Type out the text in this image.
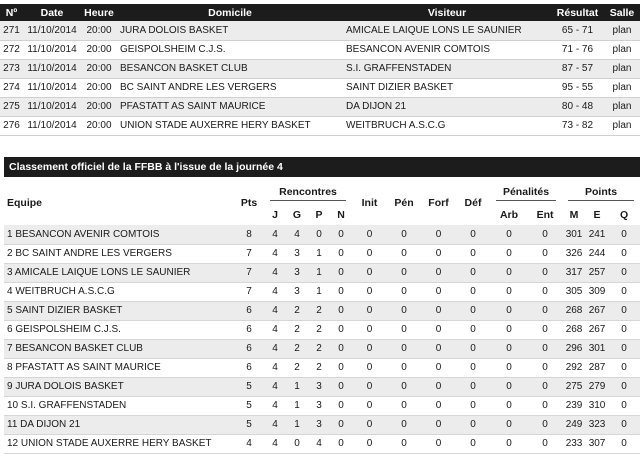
Nº	Date	Heure	Domicile	Visiteur	Résultat	Salle
271	11/10/2014	20:00	JURA DOLOIS BASKET	AMICALE LAIQUE LONS LE SAUNIER	65 - 71	plan
272	11/10/2014	20:00	GEISPOLSHEIM C.J.S.	BESANCON AVENIR COMTOIS	71 - 76	plan
273	11/10/2014	20:00	BESANCON BASKET CLUB	S.I. GRAFFENSTADEN	87 - 57	plan
274	11/10/2014	20:00	BC SAINT ANDRE LES VERGERS	SAINT DIZIER BASKET	95 - 55	plan
275	11/10/2014	20:00	PFASTATT AS SAINT MAURICE	DA DIJON 21	80 - 48	plan
276	11/10/2014	20:00	UNION STADE AUXERRE HERY BASKET	WEITBRUCH A.S.C.G	73 - 82	plan
Classement officiel de la FFBB à l'issue de la journée 4
Equipe	Pts	Rencontres				Init	Pén	Forf	Déf	Pénalités		Points		

		J	G	P	N					Arb	Ent	M	E	Q
1 BESANCON AVENIR COMTOIS	8	4	4	0	0	0	0	0	0	0	0	301	241	0
2 BC SAINT ANDRE LES VERGERS	7	4	3	1	0	0	0	0	0	0	0	326	244	0
3 AMICALE LAIQUE LONS LE SAUNIER	7	4	3	1	0	0	0	0	0	0	0	317	257	0
4 WEITBRUCH A.S.C.G	7	4	3	1	0	0	0	0	0	0	0	305	309	0
5 SAINT DIZIER BASKET	6	4	2	2	0	0	0	0	0	0	0	268	267	0
6 GEISPOLSHEIM C.J.S.	6	4	2	2	0	0	0	0	0	0	0	268	267	0
7 BESANCON BASKET CLUB	6	4	2	2	0	0	0	0	0	0	0	296	301	0
8 PFASTATT AS SAINT MAURICE	6	4	2	2	0	0	0	0	0	0	0	292	287	0
9 JURA DOLOIS BASKET	5	4	1	3	0	0	0	0	0	0	0	275	279	0
10 S.I. GRAFFENSTADEN	5	4	1	3	0	0	0	0	0	0	0	239	310	0
11 DA DIJON 21	5	4	1	3	0	0	0	0	0	0	0	249	323	0
12 UNION STADE AUXERRE HERY BASKET	4	4	0	4	0	0	0	0	0	0	0	233	307	0
